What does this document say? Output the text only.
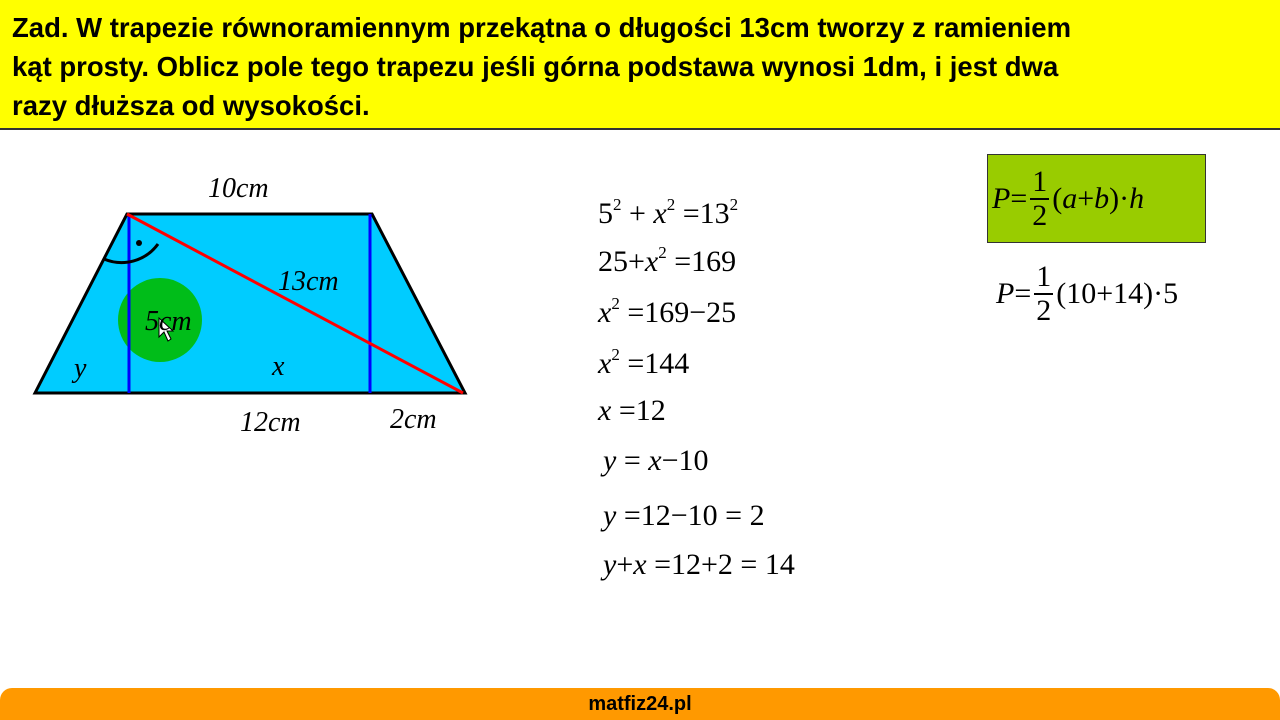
Zad. W trapezie równoramiennym przekątna o długości 13cm tworzy z ramieniem
kąt prosty. Oblicz pole tego trapezu jeśli górna podstawa wynosi 1dm, i jest dwa
razy dłuższa od wysokości.

10cm
13cm
5cm
y	x
12cm	2cm
$5^2 + x^2 =13^2$
$25+x^2 =169$
$x^2 =169-25$
$x^2 =144$
x =12
y = x−10
y =12−10 = 2
y+x =12+2 = 14
$P = \frac{1}{2}$ ( a + b )· h
$P = \frac{1}{2} (10+14)\cdot 5$
matfiz24.pl
